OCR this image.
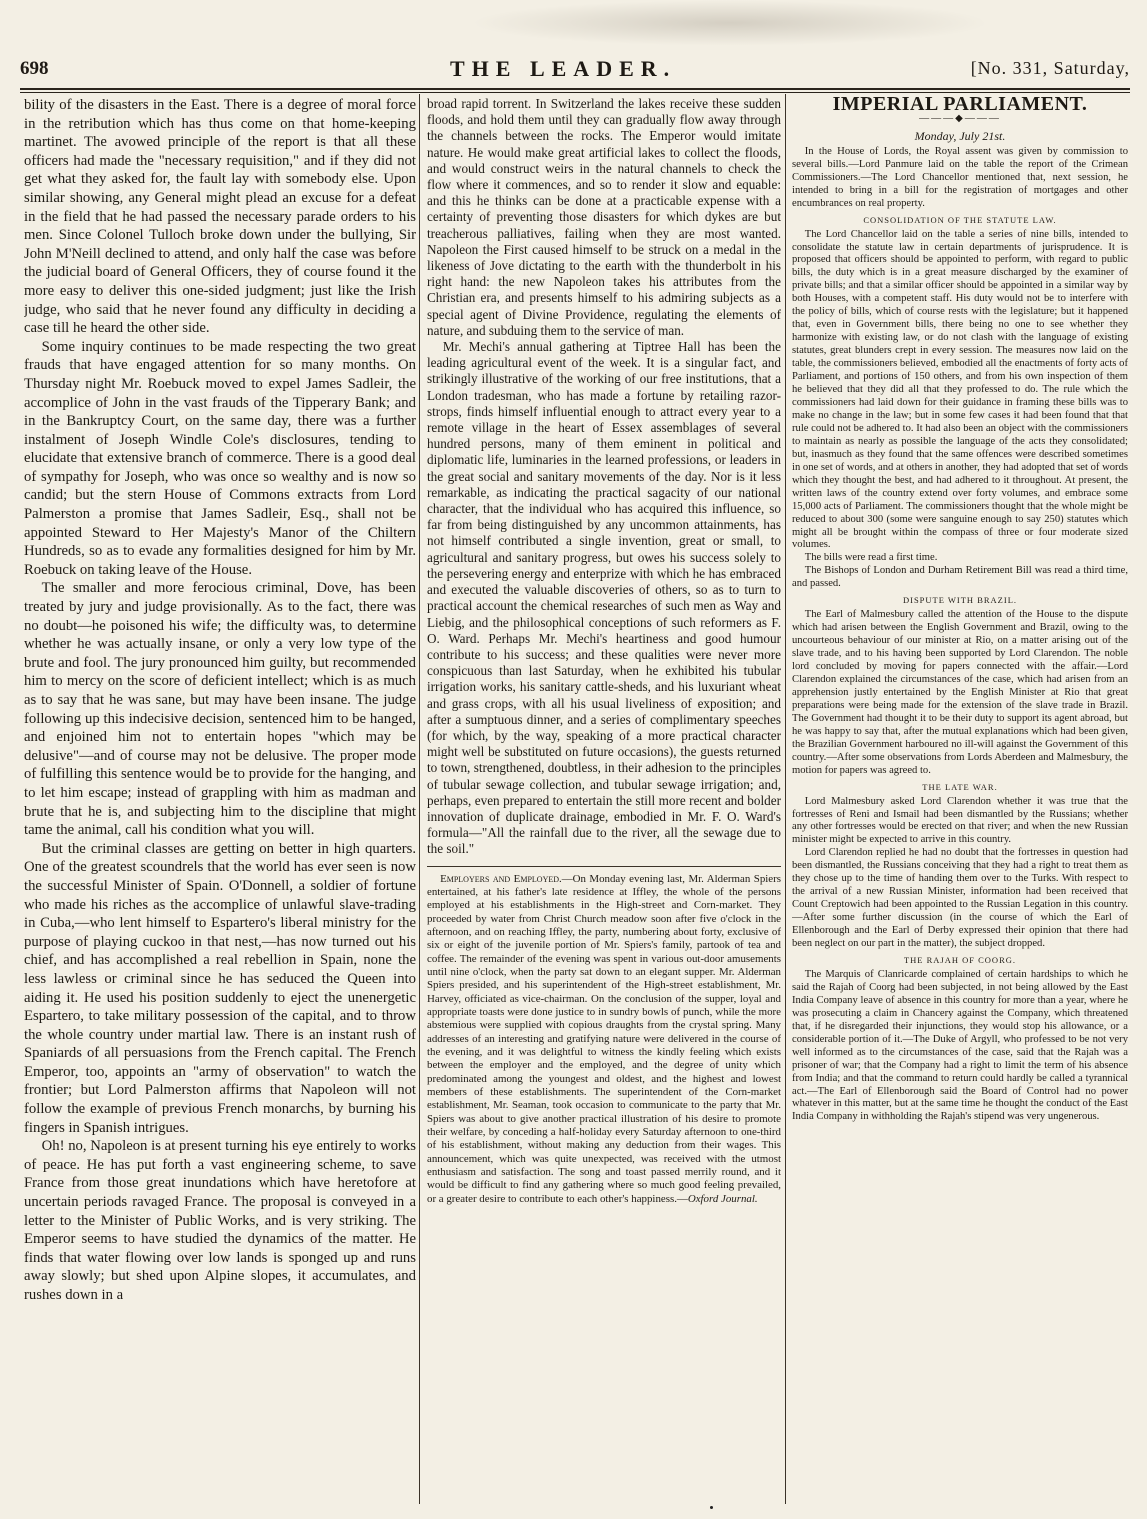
698	THE LEADER.	[No. 331, Saturday,

bility of the disasters in the East. There is a degree of moral force in the retribution which has thus come on that home-keeping martinet. The avowed principle of the report is that all these officers had made the "necessary requisition," and if they did not get what they asked for, the fault lay with somebody else. Upon similar showing, any General might plead an excuse for a defeat in the field that he had passed the necessary parade orders to his men. Since Colonel Tulloch broke down under the bullying, Sir John M'Neill declined to attend, and only half the case was before the judicial board of General Officers, they of course found it the more easy to deliver this one-sided judgment; just like the Irish judge, who said that he never found any difficulty in deciding a case till he heard the other side.

Some inquiry continues to be made respecting the two great frauds that have engaged attention for so many months. On Thursday night Mr. Roebuck moved to expel James Sadleir, the accomplice of John in the vast frauds of the Tipperary Bank; and in the Bankruptcy Court, on the same day, there was a further instalment of Joseph Windle Cole's disclosures, tending to elucidate that extensive branch of commerce. There is a good deal of sympathy for Joseph, who was once so wealthy and is now so candid; but the stern House of Commons extracts from Lord Palmerston a promise that James Sadleir, Esq., shall not be appointed Steward to Her Majesty's Manor of the Chiltern Hundreds, so as to evade any formalities designed for him by Mr. Roebuck on taking leave of the House.

The smaller and more ferocious criminal, Dove, has been treated by jury and judge provisionally. As to the fact, there was no doubt—he poisoned his wife; the difficulty was, to determine whether he was actually insane, or only a very low type of the brute and fool. The jury pronounced him guilty, but recommended him to mercy on the score of deficient intellect; which is as much as to say that he was sane, but may have been insane. The judge following up this indecisive decision, sentenced him to be hanged, and enjoined him not to entertain hopes "which may be delusive"—and of course may not be delusive. The proper mode of fulfilling this sentence would be to provide for the hanging, and to let him escape; instead of grappling with him as madman and brute that he is, and subjecting him to the discipline that might tame the animal, call his condition what you will.

But the criminal classes are getting on better in high quarters. One of the greatest scoundrels that the world has ever seen is now the successful Minister of Spain. O'Donnell, a soldier of fortune who made his riches as the accomplice of unlawful slave-trading in Cuba,—who lent himself to Espartero's liberal ministry for the purpose of playing cuckoo in that nest,—has now turned out his chief, and has accomplished a real rebellion in Spain, none the less lawless or criminal since he has seduced the Queen into aiding it. He used his position suddenly to eject the unenergetic Espartero, to take military possession of the capital, and to throw the whole country under martial law. There is an instant rush of Spaniards of all persuasions from the French capital. The French Emperor, too, appoints an "army of observation" to watch the frontier; but Lord Palmerston affirms that Napoleon will not follow the example of previous French monarchs, by burning his fingers in Spanish intrigues.

Oh! no, Napoleon is at present turning his eye entirely to works of peace. He has put forth a vast engineering scheme, to save France from those great inundations which have heretofore at uncertain periods ravaged France. The proposal is conveyed in a letter to the Minister of Public Works, and is very striking. The Emperor seems to have studied the dynamics of the matter. He finds that water flowing over low lands is sponged up and runs away slowly; but shed upon Alpine slopes, it accumulates, and rushes down in a

broad rapid torrent. In Switzerland the lakes receive these sudden floods, and hold them until they can gradually flow away through the channels between the rocks. The Emperor would imitate nature. He would make great artificial lakes to collect the floods, and would construct weirs in the natural channels to check the flow where it commences, and so to render it slow and equable: and this he thinks can be done at a practicable expense with a certainty of preventing those disasters for which dykes are but treacherous palliatives, failing when they are most wanted. Napoleon the First caused himself to be struck on a medal in the likeness of Jove dictating to the earth with the thunderbolt in his right hand: the new Napoleon takes his attributes from the Christian era, and presents himself to his admiring subjects as a special agent of Divine Providence, regulating the elements of nature, and subduing them to the service of man.

Mr. Mechi's annual gathering at Tiptree Hall has been the leading agricultural event of the week. It is a singular fact, and strikingly illustrative of the working of our free institutions, that a London tradesman, who has made a fortune by retailing razor-strops, finds himself influential enough to attract every year to a remote village in the heart of Essex assemblages of several hundred persons, many of them eminent in political and diplomatic life, luminaries in the learned professions, or leaders in the great social and sanitary movements of the day. Nor is it less remarkable, as indicating the practical sagacity of our national character, that the individual who has acquired this influence, so far from being distinguished by any uncommon attainments, has not himself contributed a single invention, great or small, to agricultural and sanitary progress, but owes his success solely to the persevering energy and enterprize with which he has embraced and executed the valuable discoveries of others, so as to turn to practical account the chemical researches of such men as Way and Liebig, and the philosophical conceptions of such reformers as F. O. Ward. Perhaps Mr. Mechi's heartiness and good humour contribute to his success; and these qualities were never more conspicuous than last Saturday, when he exhibited his tubular irrigation works, his sanitary cattle-sheds, and his luxuriant wheat and grass crops, with all his usual liveliness of exposition; and after a sumptuous dinner, and a series of complimentary speeches (for which, by the way, speaking of a more practical character might well be substituted on future occasions), the guests returned to town, strengthened, doubtless, in their adhesion to the principles of tubular sewage collection, and tubular sewage irrigation; and, perhaps, even prepared to entertain the still more recent and bolder innovation of duplicate drainage, embodied in Mr. F. O. Ward's formula—"All the rainfall due to the river, all the sewage due to the soil."

Employers and Employed.—On Monday evening last, Mr. Alderman Spiers entertained, at his father's late residence at Iffley, the whole of the persons employed at his establishments in the High-street and Corn-market. They proceeded by water from Christ Church meadow soon after five o'clock in the afternoon, and on reaching Iffley, the party, numbering about forty, exclusive of six or eight of the juvenile portion of Mr. Spiers's family, partook of tea and coffee. The remainder of the evening was spent in various out-door amusements until nine o'clock, when the party sat down to an elegant supper. Mr. Alderman Spiers presided, and his superintendent of the High-street establishment, Mr. Harvey, officiated as vice-chairman. On the conclusion of the supper, loyal and appropriate toasts were done justice to in sundry bowls of punch, while the more abstemious were supplied with copious draughts from the crystal spring. Many addresses of an interesting and gratifying nature were delivered in the course of the evening, and it was delightful to witness the kindly feeling which exists between the employer and the employed, and the degree of unity which predominated among the youngest and oldest, and the highest and lowest members of these establishments. The superintendent of the Corn-market establishment, Mr. Seaman, took occasion to communicate to the party that Mr. Spiers was about to give another practical illustration of his desire to promote their welfare, by conceding a half-holiday every Saturday afternoon to one-third of his establishment, without making any deduction from their wages. This announcement, which was quite unexpected, was received with the utmost enthusiasm and satisfaction. The song and toast passed merrily round, and it would be difficult to find any gathering where so much good feeling prevailed, or a greater desire to contribute to each other's happiness.—Oxford Journal.

IMPERIAL PARLIAMENT.
———◆———
Monday, July 21st.

In the House of Lords, the Royal assent was given by commission to several bills.—Lord Panmure laid on the table the report of the Crimean Commissioners.—The Lord Chancellor mentioned that, next session, he intended to bring in a bill for the registration of mortgages and other encumbrances on real property.

CONSOLIDATION OF THE STATUTE LAW.

The Lord Chancellor laid on the table a series of nine bills, intended to consolidate the statute law in certain departments of jurisprudence. It is proposed that officers should be appointed to perform, with regard to public bills, the duty which is in a great measure discharged by the examiner of private bills; and that a similar officer should be appointed in a similar way by both Houses, with a competent staff. His duty would not be to interfere with the policy of bills, which of course rests with the legislature; but it happened that, even in Government bills, there being no one to see whether they harmonize with existing law, or do not clash with the language of existing statutes, great blunders crept in every session. The measures now laid on the table, the commissioners believed, embodied all the enactments of forty acts of Parliament, and portions of 150 others, and from his own inspection of them he believed that they did all that they professed to do. The rule which the commissioners had laid down for their guidance in framing these bills was to make no change in the law; but in some few cases it had been found that that rule could not be adhered to. It had also been an object with the commissioners to maintain as nearly as possible the language of the acts they consolidated; but, inasmuch as they found that the same offences were described sometimes in one set of words, and at others in another, they had adopted that set of words which they thought the best, and had adhered to it throughout. At present, the written laws of the country extend over forty volumes, and embrace some 15,000 acts of Parliament. The commissioners thought that the whole might be reduced to about 300 (some were sanguine enough to say 250) statutes which might all be brought within the compass of three or four moderate sized volumes.

The bills were read a first time.

The Bishops of London and Durham Retirement Bill was read a third time, and passed.

DISPUTE WITH BRAZIL.

The Earl of Malmesbury called the attention of the House to the dispute which had arisen between the English Government and Brazil, owing to the uncourteous behaviour of our minister at Rio, on a matter arising out of the slave trade, and to his having been supported by Lord Clarendon. The noble lord concluded by moving for papers connected with the affair.—Lord Clarendon explained the circumstances of the case, which had arisen from an apprehension justly entertained by the English Minister at Rio that great preparations were being made for the extension of the slave trade in Brazil. The Government had thought it to be their duty to support its agent abroad, but he was happy to say that, after the mutual explanations which had been given, the Brazilian Government harboured no ill-will against the Government of this country.—After some observations from Lords Aberdeen and Malmesbury, the motion for papers was agreed to.

THE LATE WAR.

Lord Malmesbury asked Lord Clarendon whether it was true that the fortresses of Reni and Ismail had been dismantled by the Russians; whether any other fortresses would be erected on that river; and when the new Russian minister might be expected to arrive in this country.

Lord Clarendon replied he had no doubt that the fortresses in question had been dismantled, the Russians conceiving that they had a right to treat them as they chose up to the time of handing them over to the Turks. With respect to the arrival of a new Russian Minister, information had been received that Count Creptowich had been appointed to the Russian Legation in this country.—After some further discussion (in the course of which the Earl of Ellenborough and the Earl of Derby expressed their opinion that there had been neglect on our part in the matter), the subject dropped.

THE RAJAH OF COORG.

The Marquis of Clanricarde complained of certain hardships to which he said the Rajah of Coorg had been subjected, in not being allowed by the East India Company leave of absence in this country for more than a year, where he was prosecuting a claim in Chancery against the Company, which threatened that, if he disregarded their injunctions, they would stop his allowance, or a considerable portion of it.—The Duke of Argyll, who professed to be not very well informed as to the circumstances of the case, said that the Rajah was a prisoner of war; that the Company had a right to limit the term of his absence from India; and that the command to return could hardly be called a tyrannical act.—The Earl of Ellenborough said the Board of Control had no power whatever in this matter, but at the same time he thought the conduct of the East India Company in withholding the Rajah's stipend was very ungenerous.
